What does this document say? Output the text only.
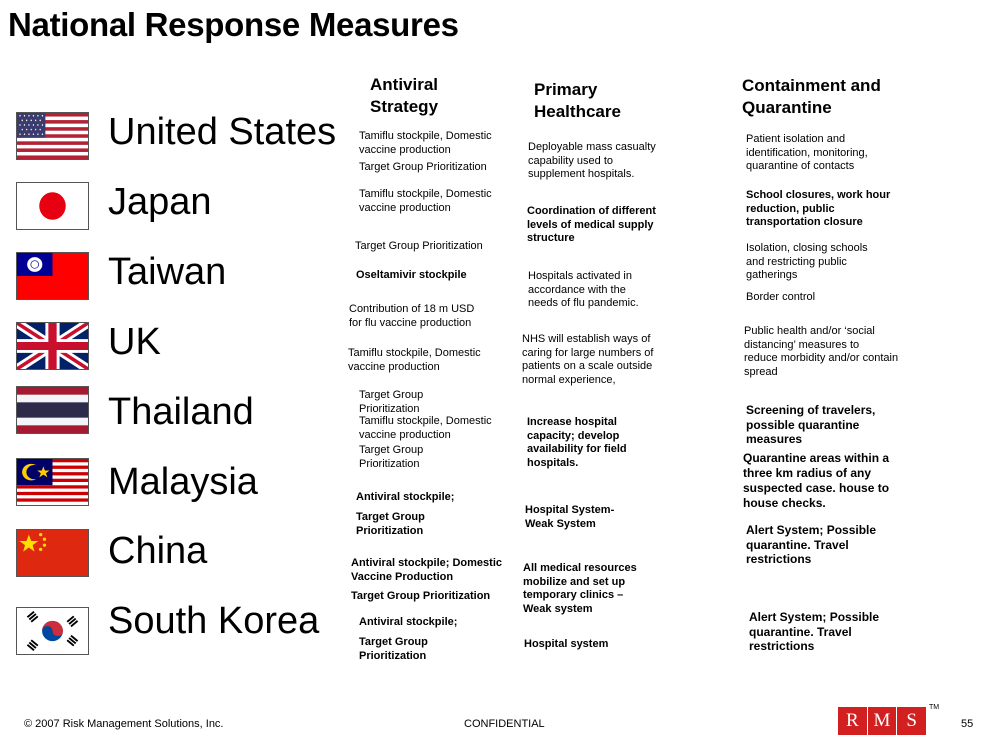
National Response Measures
Antiviral
Strategy
Primary
Healthcare
Containment and
Quarantine
United States
Japan
Taiwan
UK
Thailand
Malaysia
China
South Korea
Tamiflu stockpile, Domestic
vaccine production
Target Group Prioritization
Tamiflu stockpile, Domestic
vaccine production
Target Group Prioritization
Oseltamivir stockpile
Contribution of 18 m USD
for flu vaccine production
Tamiflu stockpile, Domestic
vaccine production
Target Group
Prioritization
Tamiflu stockpile, Domestic
vaccine production
Target Group
Prioritization
Antiviral stockpile;
Target Group
Prioritization
Antiviral stockpile; Domestic
Vaccine Production
Target Group Prioritization
Antiviral stockpile;
Target Group
Prioritization
Deployable mass casualty
capability used to
supplement hospitals.
Coordination of different
levels of medical supply
structure
Hospitals activated in
accordance with the
needs of flu pandemic.
NHS will establish ways of
caring for large numbers of
patients on a scale outside
normal experience,
Increase hospital
capacity; develop
availability for field
hospitals.
Hospital System-
Weak System
All medical resources
mobilize and set up
temporary clinics –
Weak system
Hospital system
Patient isolation and
identification, monitoring,
quarantine of contacts
School closures, work hour
reduction, public
transportation closure
Isolation, closing schools
and restricting public
gatherings
Border control
Public health and/or ‘social
distancing’ measures to
reduce morbidity and/or contain
spread
Screening of travelers,
possible quarantine
measures
Quarantine areas within a
three km radius of any
suspected case. house to
house checks.
Alert System; Possible
quarantine. Travel
restrictions
Alert System; Possible
quarantine. Travel
restrictions
© 2007 Risk Management Solutions, Inc.	CONFIDENTIAL	R M S
TM
55
